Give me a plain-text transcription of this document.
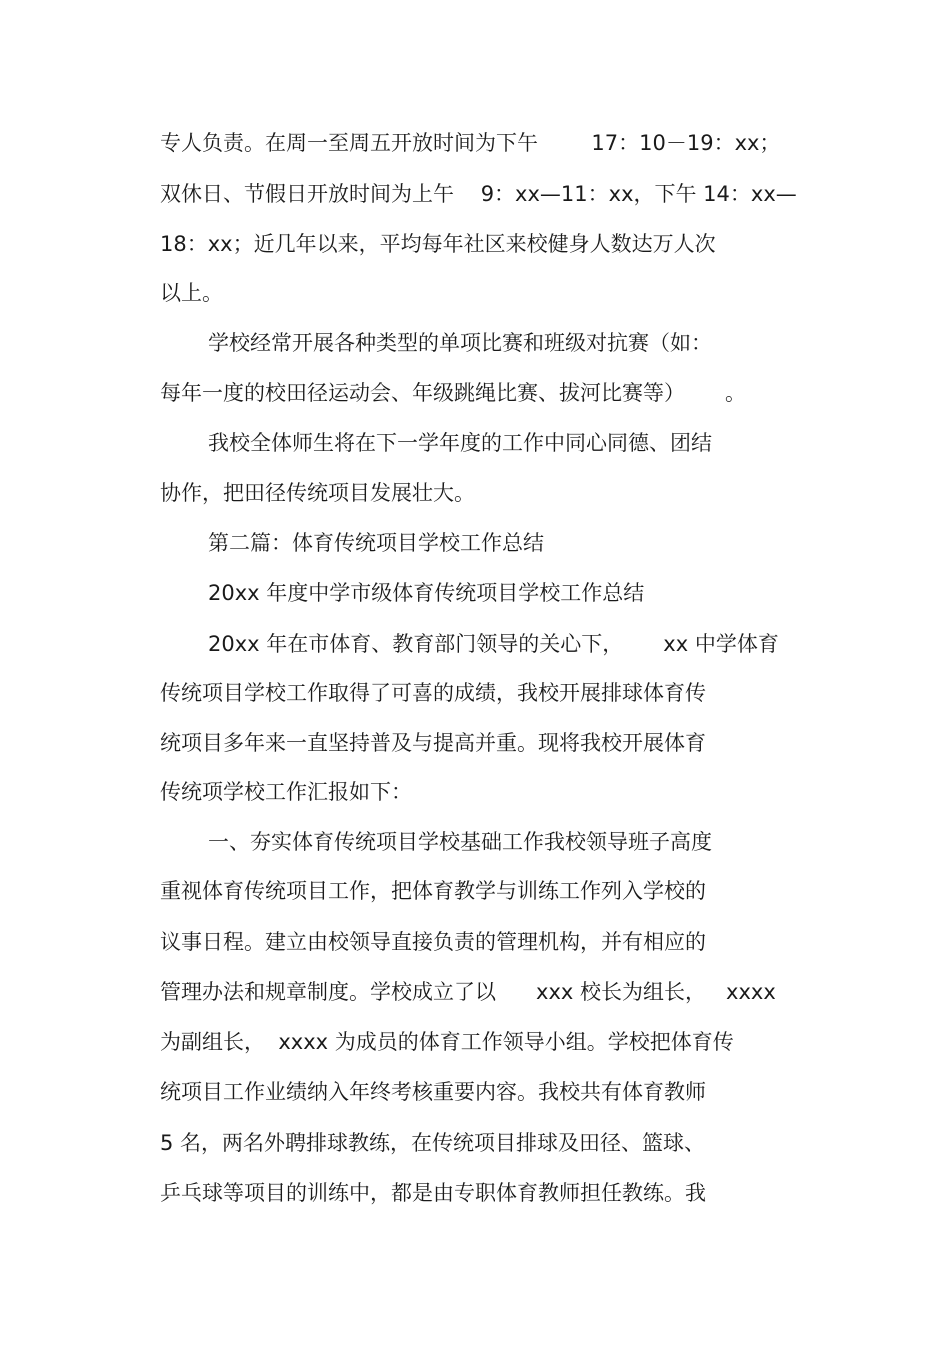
专人负责。在周一至周五开放时间为下午        17：10－19：xx；
双休日、节假日开放时间为上午    9：xx—11：xx，下午 14：xx—
18：xx；近几年以来，平均每年社区来校健身人数达万人次
以上。
学校经常开展各种类型的单项比赛和班级对抗赛（如：
每年一度的校田径运动会、年级跳绳比赛、拔河比赛等）      。
我校全体师生将在下一学年度的工作中同心同德、团结
协作，把田径传统项目发展壮大。
第二篇：体育传统项目学校工作总结
20xx 年度中学市级体育传统项目学校工作总结
20xx 年在市体育、教育部门领导的关心下，      xx 中学体育
传统项目学校工作取得了可喜的成绩，我校开展排球体育传
统项目多年来一直坚持普及与提高并重。现将我校开展体育
传统项学校工作汇报如下：
一、夯实体育传统项目学校基础工作我校领导班子高度
重视体育传统项目工作，把体育教学与训练工作列入学校的
议事日程。建立由校领导直接负责的管理机构，并有相应的
管理办法和规章制度。学校成立了以      xxx 校长为组长，   xxxx
为副组长，  xxxx 为成员的体育工作领导小组。学校把体育传
统项目工作业绩纳入年终考核重要内容。我校共有体育教师
5 名，两名外聘排球教练，在传统项目排球及田径、篮球、
乒乓球等项目的训练中，都是由专职体育教师担任教练。我
